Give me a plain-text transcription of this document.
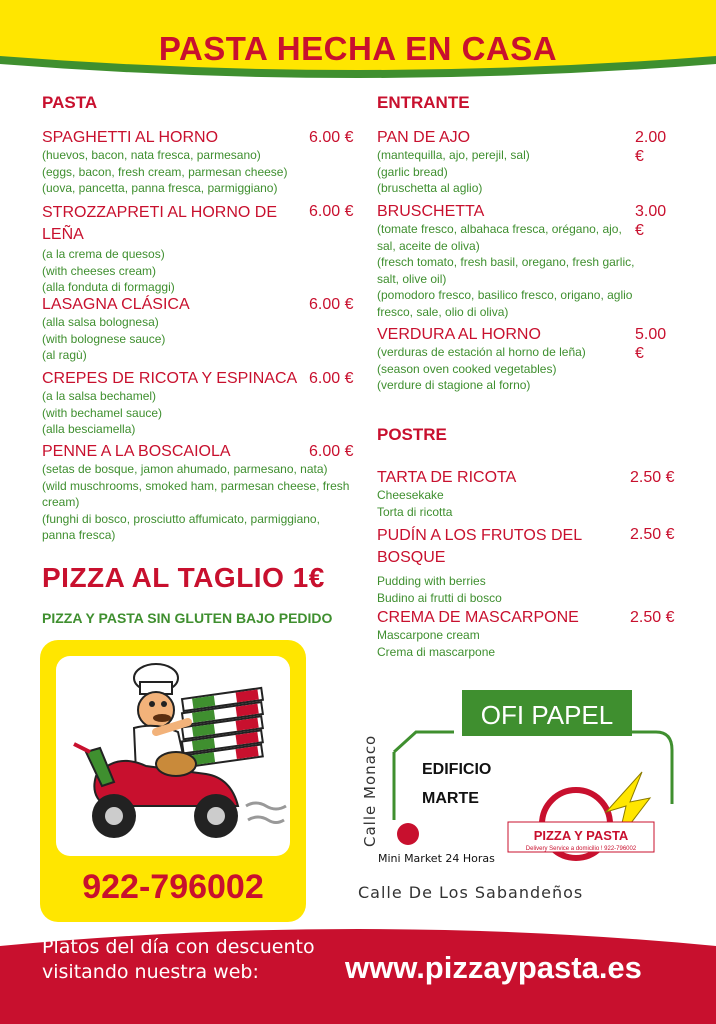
PASTA HECHA EN CASA
PASTA
SPAGHETTI AL HORNO	6.00 €
(huevos, bacon, nata fresca, parmesano)
(eggs, bacon, fresh cream, parmesan cheese)
(uova, pancetta, panna fresca, parmiggiano)
STROZZAPRETI AL HORNO DE LEÑA
6.00 €
(a la crema de quesos)
(with cheeses cream)
(alla fonduta di formaggi)
LASAGNA CLÁSICA	6.00 €
(alla salsa bolognesa)
(with bolognese sauce)
(al ragù)
CREPES DE RICOTA Y ESPINACA 6.00 €
(a la salsa bechamel)
(with bechamel sauce)
(alla besciamella)
PENNE A LA BOSCAIOLA	6.00 €
(setas de bosque, jamon ahumado, parmesano, nata)
(wild muschrooms, smoked ham, parmesan cheese, fresh cream)
(funghi di bosco, prosciutto affumicato, parmiggiano, panna fresca)
ENTRANTE
PAN DE AJO	2.00 €
(mantequilla, ajo, perejil, sal)
(garlic bread)
(bruschetta al aglio)
BRUSCHETTA	3.00 €
(tomate fresco, albahaca fresca, orégano, ajo, sal, aceite de oliva)
(fresch tomato, fresh basil, oregano, fresh garlic, salt, olive oil)
(pomodoro fresco, basilico fresco, origano, aglio fresco, sale, olio di oliva)
VERDURA AL HORNO	5.00 €
(verduras de estación al horno de leña)
(season oven cooked vegetables)
(verdure di stagione al forno)
POSTRE
TARTA DE RICOTA	2.50 €
Cheesekake
Torta di ricotta
PUDÍN A LOS FRUTOS DEL BOSQUE
2.50 €
Pudding with berries
Budino ai frutti di bosco
CREMA DE MASCARPONE	2.50 €
Mascarpone cream
Crema di mascarpone
PIZZA AL TAGLIO 1€
PIZZA Y PASTA SIN GLUTEN BAJO PEDIDO
922-796002
OFI PAPEL
EDIFICIO
MARTE
PIZZA Y PASTA
Delivery Service a domicilio ! 922-796002
Mini Market 24 Horas
Calle De Los Sabandeños
Calle Monaco
Platos del día con descuento
visitando nuestra web:	www.pizzaypasta.es
